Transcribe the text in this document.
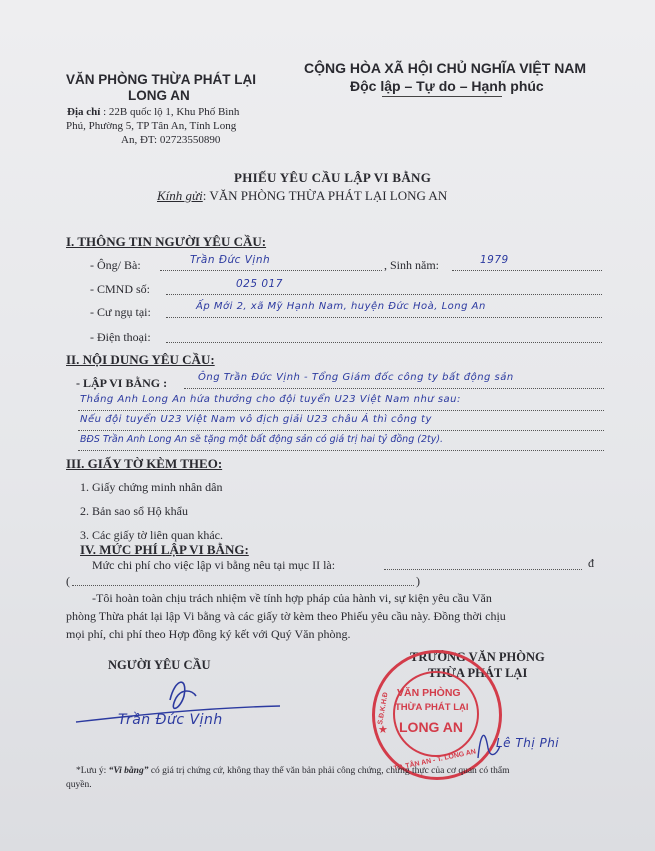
VĂN PHÒNG THỪA PHÁT LẠI
LONG AN
Địa chỉ : 22B quốc lộ 1, Khu Phố Bình
Phú, Phường 5, TP Tân An, Tỉnh Long
An, ĐT: 02723550890
CỘNG HÒA XÃ HỘI CHỦ NGHĨA VIỆT NAM
Độc lập – Tự do – Hạnh phúc
PHIẾU YÊU CẦU LẬP VI BẰNG
Kính gửi: VĂN PHÒNG THỪA PHÁT LẠI LONG AN
I. THÔNG TIN NGƯỜI YÊU CẦU:
- Ông/ Bà:	Trần Đức Vịnh	, Sinh năm:	1979
- CMND số:	025 017
- Cư ngụ tại:	Ấp Mới 2, xã Mỹ Hạnh Nam, huyện Đức Hoà, Long An
- Điện thoại:
II. NỘI DUNG YÊU CẦU:
- LẬP VI BẰNG :	Ông Trần Đức Vịnh - Tổng Giám đốc công ty bất động sản
Thắng Anh Long An hứa thưởng cho đội tuyển U23 Việt Nam như sau:
Nếu đội tuyển U23 Việt Nam vô địch giải U23 châu Á thì công ty
BĐS Trần Anh Long An sẽ tặng một bất động sản có giá trị hai tỷ đồng (2ty).
III. GIẤY TỜ KÈM THEO:
1. Giấy chứng minh nhân dân
2. Bản sao sổ Hộ khẩu
3. Các giấy tờ liên quan khác.
IV. MỨC PHÍ LẬP VI BẰNG:
Mức chi phí cho việc lập vi bằng nêu tại mục II là:	đ
(	)
-Tôi hoàn toàn chịu trách nhiệm về tính hợp pháp của hành vi, sự kiện yêu cầu Văn
phòng Thừa phát lại lập Vi bằng và các giấy tờ kèm theo Phiếu yêu cầu này. Đồng thời chịu
mọi phí, chi phí theo Hợp đồng ký kết với Quý Văn phòng.
NGƯỜI YÊU CẦU
Trần Đức Vịnh
TRƯỞNG VĂN PHÒNG
THỪA PHÁT LẠI
VĂN PHÒNG
THỪA PHÁT LẠI
LONG AN
S.Đ.K.H.Đ
TP. TÂN AN - T. LONG AN
★
Lê Thị Phi
*Lưu ý: “Vi bằng” có giá trị chứng cứ, không thay thế văn bản phải công chứng, chứng thực của cơ quan có thẩm
quyền.
